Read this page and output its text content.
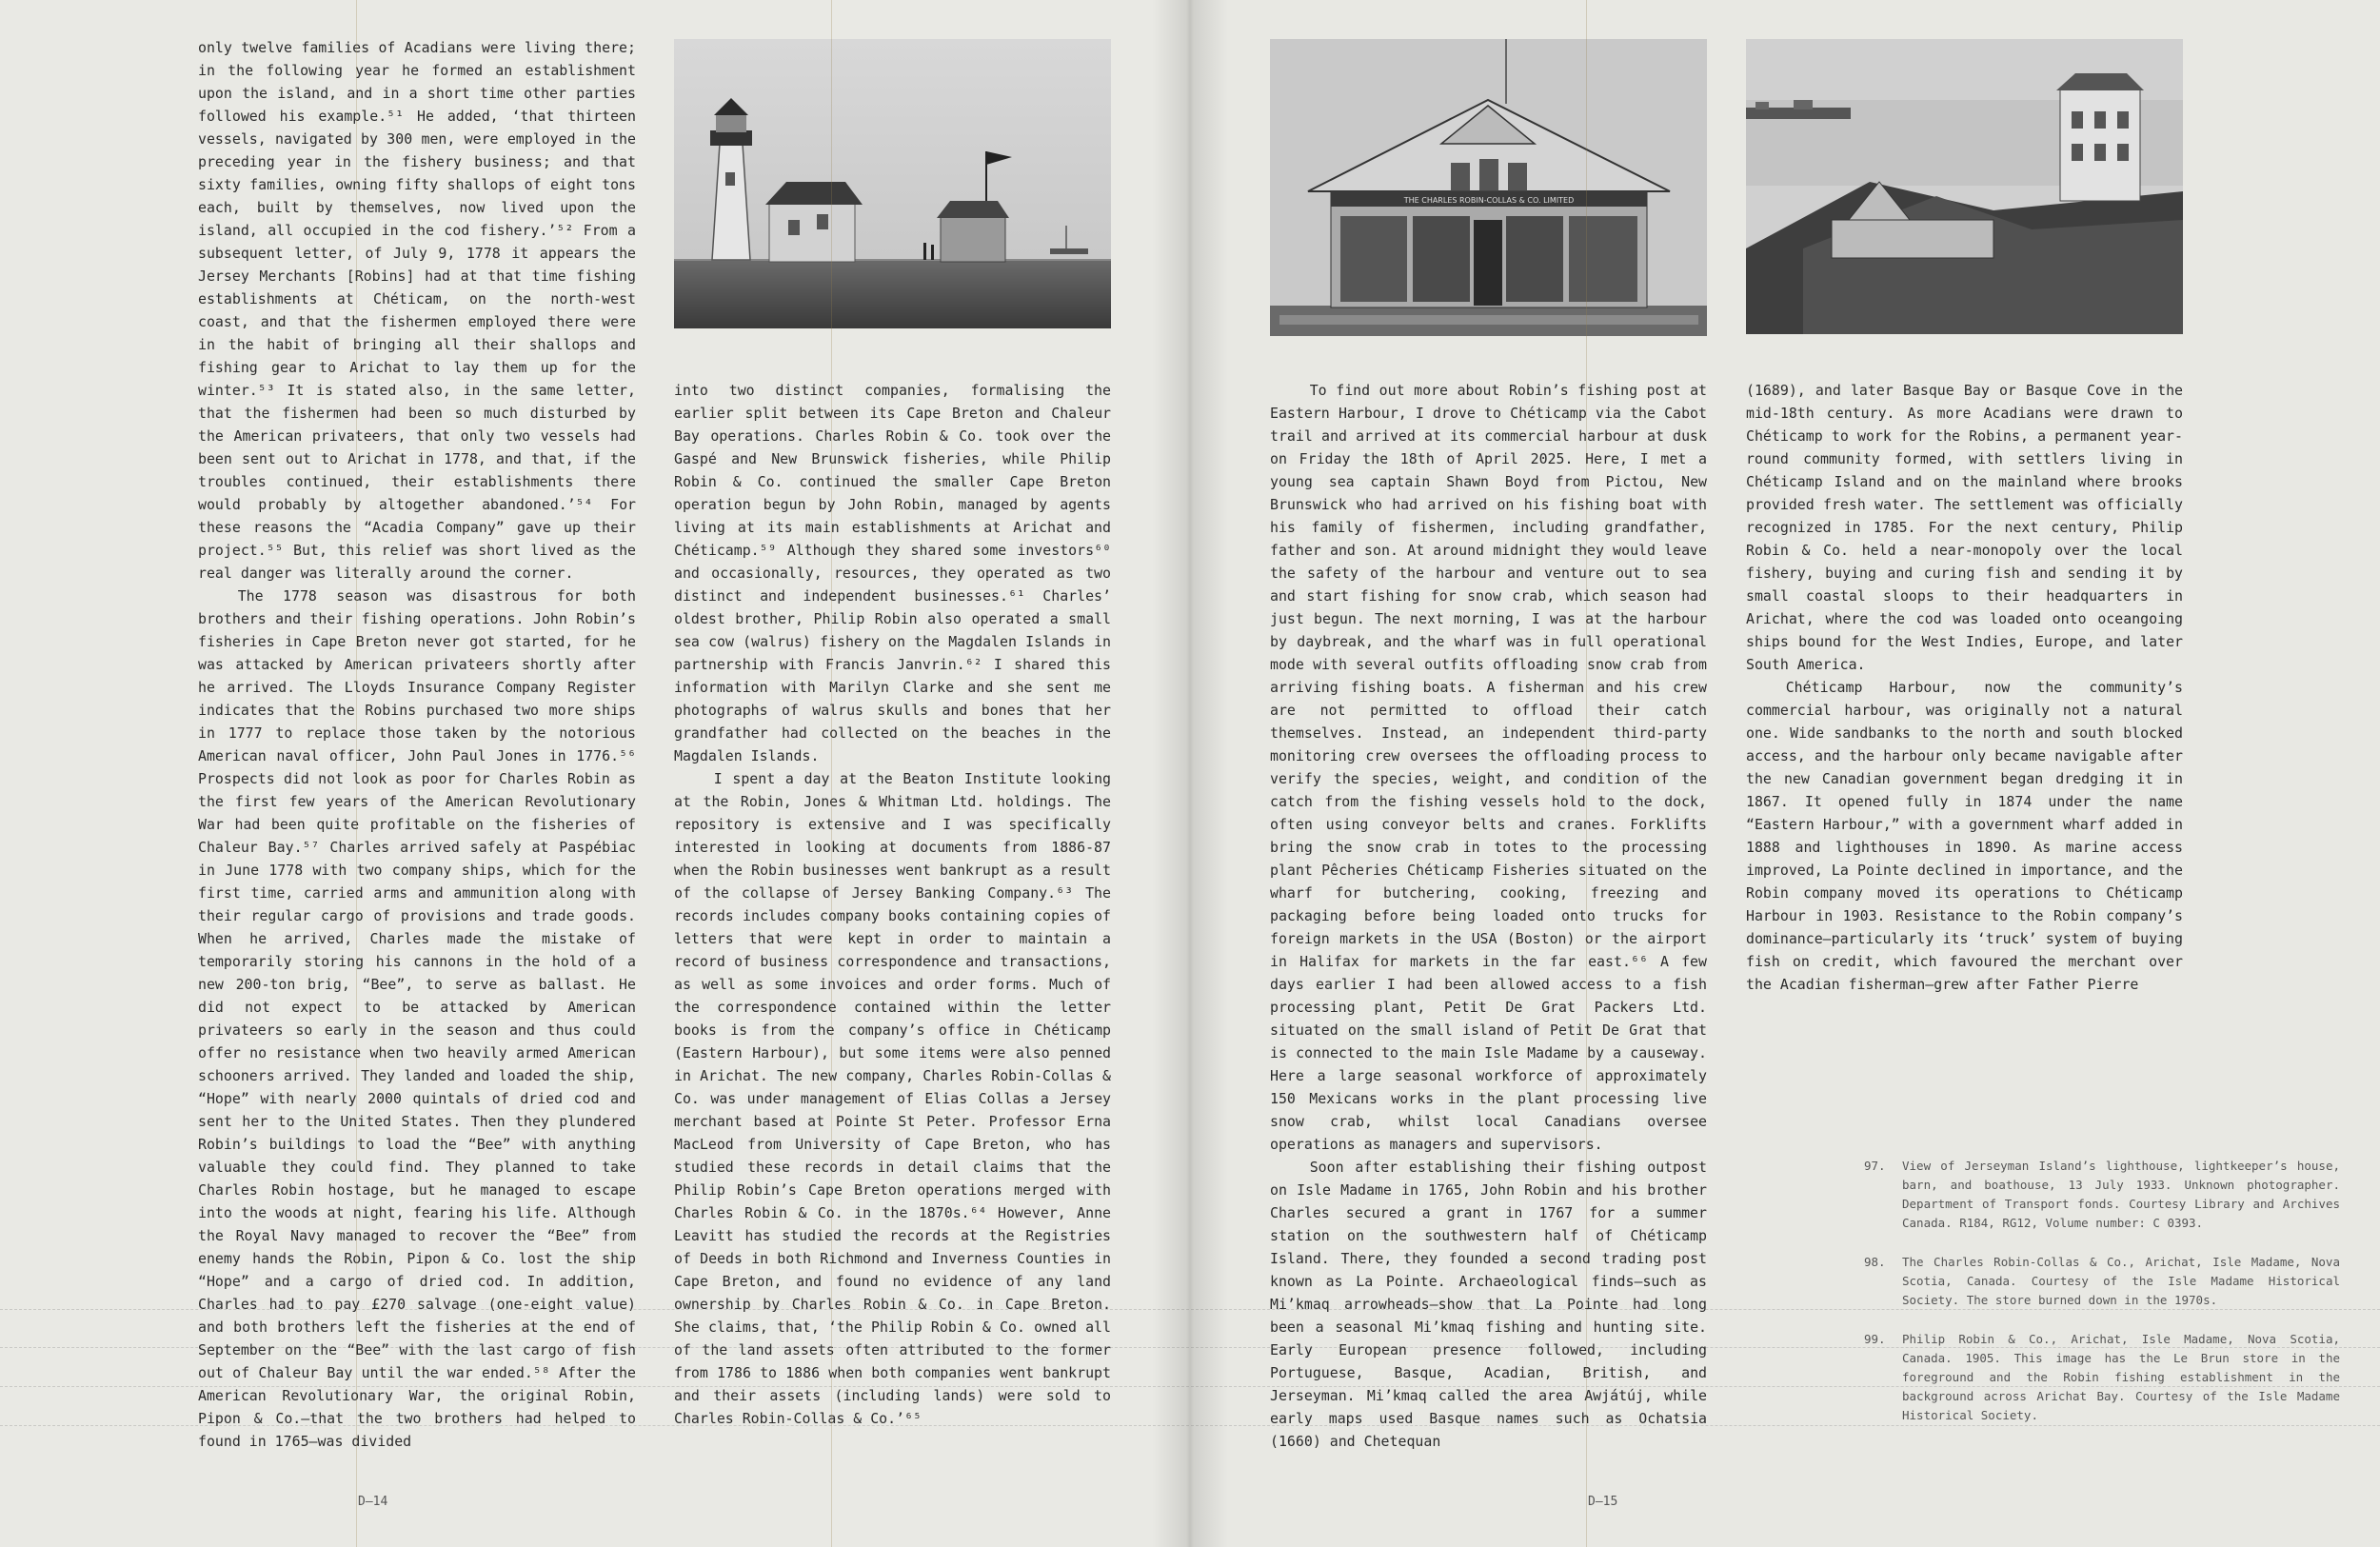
only twelve families of Acadians were living there; in the following year he formed an establishment upon the island, and in a short time other parties followed his example.⁵¹ He added, ‘that thirteen vessels, navigated by 300 men, were employed in the preceding year in the fishery business; and that sixty families, owning fifty shallops of eight tons each, built by themselves, now lived upon the island, all occupied in the cod fishery.’⁵² From a subsequent letter, of July 9, 1778 it appears the Jersey Merchants [Robins] had at that time fishing establishments at Chéticam, on the north-west coast, and that the fishermen employed there were in the habit of bringing all their shallops and fishing gear to Arichat to lay them up for the winter.⁵³ It is stated also, in the same letter, that the fishermen had been so much disturbed by the American privateers, that only two vessels had been sent out to Arichat in 1778, and that, if the troubles continued, their establishments there would probably by altogether abandoned.’⁵⁴ For these reasons the “Acadia Company” gave up their project.⁵⁵ But, this relief was short lived as the real danger was literally around the corner.

The 1778 season was disastrous for both brothers and their fishing operations. John Robin’s fisheries in Cape Breton never got started, for he was attacked by American privateers shortly after he arrived. The Lloyds Insurance Company Register indicates that the Robins purchased two more ships in 1777 to replace those taken by the notorious American naval officer, John Paul Jones in 1776.⁵⁶ Prospects did not look as poor for Charles Robin as the first few years of the American Revolutionary War had been quite profitable on the fisheries of Chaleur Bay.⁵⁷ Charles arrived safely at Paspébiac in June 1778 with two company ships, which for the first time, carried arms and ammunition along with their regular cargo of provisions and trade goods. When he arrived, Charles made the mistake of temporarily storing his cannons in the hold of a new 200-ton brig, “Bee”, to serve as ballast. He did not expect to be attacked by American privateers so early in the season and thus could offer no resistance when two heavily armed American schooners arrived. They landed and loaded the ship, “Hope” with nearly 2000 quintals of dried cod and sent her to the United States. Then they plundered Robin’s buildings to load the “Bee” with anything valuable they could find. They planned to take Charles Robin hostage, but he managed to escape into the woods at night, fearing his life. Although the Royal Navy managed to recover the “Bee” from enemy hands the Robin, Pipon & Co. lost the ship “Hope” and a cargo of dried cod. In addition, Charles had to pay £270 salvage (one-eight value) and both brothers left the fisheries at the end of September on the “Bee” with the last cargo of fish out of Chaleur Bay until the war ended.⁵⁸ After the American Revolutionary War, the original Robin, Pipon & Co.—that the two brothers had helped to found in 1765—was divided

into two distinct companies, formalising the earlier split between its Cape Breton and Chaleur Bay operations. Charles Robin & Co. took over the Gaspé and New Brunswick fisheries, while Philip Robin & Co. continued the smaller Cape Breton operation begun by John Robin, managed by agents living at its main establishments at Arichat and Chéticamp.⁵⁹ Although they shared some investors⁶⁰ and occasionally, resources, they operated as two distinct and independent businesses.⁶¹ Charles’ oldest brother, Philip Robin also operated a small sea cow (walrus) fishery on the Magdalen Islands in partnership with Francis Janvrin.⁶² I shared this information with Marilyn Clarke and she sent me photographs of walrus skulls and bones that her grandfather had collected on the beaches in the Magdalen Islands.

I spent a day at the Beaton Institute looking at the Robin, Jones & Whitman Ltd. holdings. The repository is extensive and I was specifically interested in looking at documents from 1886-87 when the Robin businesses went bankrupt as a result of the collapse of Jersey Banking Company.⁶³ The records includes company books containing copies of letters that were kept in order to maintain a record of business correspondence and transactions, as well as some invoices and order forms. Much of the correspondence contained within the letter books is from the company’s office in Chéticamp (Eastern Harbour), but some items were also penned in Arichat. The new company, Charles Robin-Collas & Co. was under management of Elias Collas a Jersey merchant based at Pointe St Peter. Professor Erna MacLeod from University of Cape Breton, who has studied these records in detail claims that the Philip Robin’s Cape Breton operations merged with Charles Robin & Co. in the 1870s.⁶⁴ However, Anne Leavitt has studied the records at the Registries of Deeds in both Richmond and Inverness Counties in Cape Breton, and found no evidence of any land ownership by Charles Robin & Co. in Cape Breton. She claims, that, ‘the Philip Robin & Co. owned all of the land assets often attributed to the former from 1786 to 1886 when both companies went bankrupt and their assets (including lands) were sold to Charles Robin-Collas & Co.’⁶⁵

D–14
THE CHARLES ROBIN-COLLAS & CO. LIMITED

To find out more about Robin’s fishing post at Eastern Harbour, I drove to Chéticamp via the Cabot trail and arrived at its commercial harbour at dusk on Friday the 18th of April 2025. Here, I met a young sea captain Shawn Boyd from Pictou, New Brunswick who had arrived on his fishing boat with his family of fishermen, including grandfather, father and son. At around midnight they would leave the safety of the harbour and venture out to sea and start fishing for snow crab, which season had just begun. The next morning, I was at the harbour by daybreak, and the wharf was in full operational mode with several outfits offloading snow crab from arriving fishing boats. A fisherman and his crew are not permitted to offload their catch themselves. Instead, an independent third-party monitoring crew oversees the offloading process to verify the species, weight, and condition of the catch from the fishing vessels hold to the dock, often using conveyor belts and cranes. Forklifts bring the snow crab in totes to the processing plant Pêcheries Chéticamp Fisheries situated on the wharf for butchering, cooking, freezing and packaging before being loaded onto trucks for foreign markets in the USA (Boston) or the airport in Halifax for markets in the far east.⁶⁶ A few days earlier I had been allowed access to a fish processing plant, Petit De Grat Packers Ltd. situated on the small island of Petit De Grat that is connected to the main Isle Madame by a causeway. Here a large seasonal workforce of approximately 150 Mexicans works in the plant processing live snow crab, whilst local Canadians oversee operations as managers and supervisors.

Soon after establishing their fishing outpost on Isle Madame in 1765, John Robin and his brother Charles secured a grant in 1767 for a summer station on the southwestern half of Chéticamp Island. There, they founded a second trading post known as La Pointe. Archaeological finds—such as Mi’kmaq arrowheads—show that La Pointe had long been a seasonal Mi’kmaq fishing and hunting site. Early European presence followed, including Portuguese, Basque, Acadian, British, and Jerseyman. Mi’kmaq called the area Awjátúj, while early maps used Basque names such as Ochatsia (1660) and Chetequan

(1689), and later Basque Bay or Basque Cove in the mid-18th century. As more Acadians were drawn to Chéticamp to work for the Robins, a permanent year-round community formed, with settlers living in Chéticamp Island and on the mainland where brooks provided fresh water. The settlement was officially recognized in 1785. For the next century, Philip Robin & Co. held a near-monopoly over the local fishery, buying and curing fish and sending it by small coastal sloops to their headquarters in Arichat, where the cod was loaded onto oceangoing ships bound for the West Indies, Europe, and later South America.

Chéticamp Harbour, now the community’s commercial harbour, was originally not a natural one. Wide sandbanks to the north and south blocked access, and the harbour only became navigable after the new Canadian government began dredging it in 1867. It opened fully in 1874 under the name “Eastern Harbour,” with a government wharf added in 1888 and lighthouses in 1890. As marine access improved, La Pointe declined in importance, and the Robin company moved its operations to Chéticamp Harbour in 1903. Resistance to the Robin company’s dominance—particularly its ‘truck’ system of buying fish on credit, which favoured the merchant over the Acadian fisherman—grew after Father Pierre

D–15
97.	View of Jerseyman Island’s lighthouse, lightkeeper’s house, barn, and boathouse, 13 July 1933. Unknown photographer. Department of Transport fonds. Courtesy Library and Archives Canada. R184, RG12, Volume number: C 0393.
98.	The Charles Robin-Collas & Co., Arichat, Isle Madame, Nova Scotia, Canada. Courtesy of the Isle Madame Historical Society. The store burned down in the 1970s.
99.	Philip Robin & Co., Arichat, Isle Madame, Nova Scotia, Canada. 1905. This image has the Le Brun store in the foreground and the Robin fishing establishment in the background across Arichat Bay. Courtesy of the Isle Madame Historical Society.
